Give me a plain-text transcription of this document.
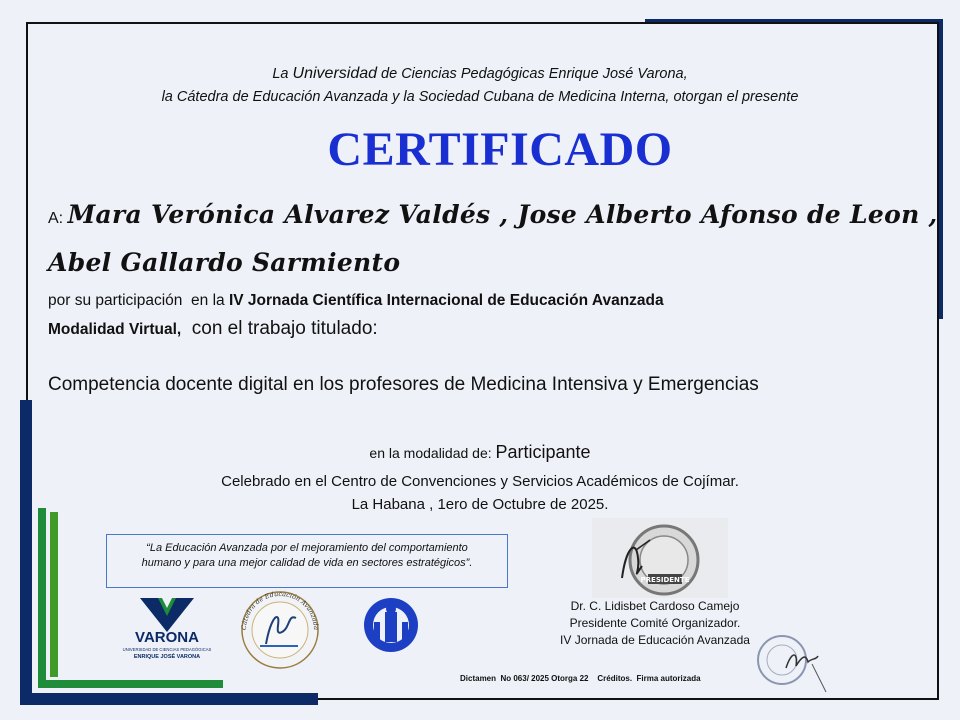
La Universidad de Ciencias Pedagógicas Enrique José Varona,
la Cátedra de Educación Avanzada y la Sociedad Cubana de Medicina Interna, otorgan el presente
CERTIFICADO
A: Mara Verónica Alvarez Valdés , Jose Alberto Afonso de Leon ,
Abel Gallardo Sarmiento
por su participación  en la IV Jornada Científica Internacional de Educación Avanzada
Modalidad Virtual,  con el trabajo titulado:
Competencia docente digital en los profesores de Medicina Intensiva y Emergencias
en la modalidad de: Participante
Celebrado en el Centro de Convenciones y Servicios Académicos de Cojímar.
La Habana , 1ero de Octubre de 2025.
“La Educación Avanzada por el mejoramiento del comportamiento
humano y para una mejor calidad de vida en sectores estratégicos”.
PRESIDENTE
Dr. C. Lidisbet Cardoso Camejo
Presidente Comité Organizador.
IV Jornada de Educación Avanzada
Dictamen  No 063/ 2025 Otorga 22    Créditos.  Firma autorizada
VARONA
UNIVERSIDAD DE CIENCIAS PEDAGÓGICAS
ENRIQUE JOSÉ VARONA
Cátedra de Educación Avanzada
